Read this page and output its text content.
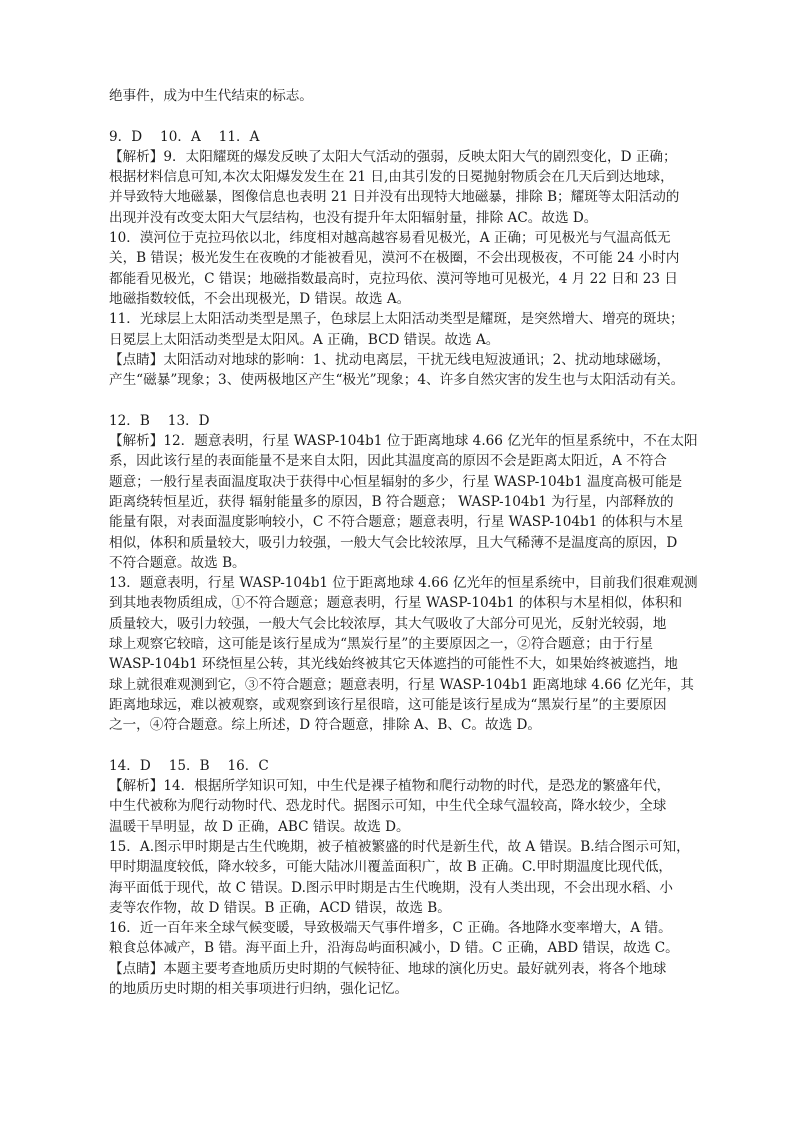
绝事件，成为中生代结束的标志。
9．D　 10．A　 11．A
【解析】9．太阳耀斑的爆发反映了太阳大气活动的强弱，反映太阳大气的剧烈变化，D 正确；
根据材料信息可知,本次太阳爆发发生在 21 日,由其引发的日冕抛射物质会在几天后到达地球，
并导致特大地磁暴，图像信息也表明 21 日并没有出现特大地磁暴，排除 B；耀斑等太阳活动的
出现并没有改变太阳大气层结构，也没有提升年太阳辐射量，排除 AC。故选 D。
10．漠河位于克拉玛依以北，纬度相对越高越容易看见极光，A 正确；可见极光与气温高低无
关，B 错误；极光发生在夜晚的才能被看见，漠河不在极圈，不会出现极夜，不可能 24 小时内
都能看见极光，C 错误；地磁指数最高时，克拉玛依、漠河等地可见极光，4 月 22 日和 23 日
地磁指数较低，不会出现极光，D 错误。故选 A。
11．光球层上太阳活动类型是黑子，色球层上太阳活动类型是耀斑，是突然增大、增亮的斑块；
日冕层上太阳活动类型是太阳风。A 正确，BCD 错误。故选 A。
【点睛】太阳活动对地球的影响：1、扰动电离层，干扰无线电短波通讯；2、扰动地球磁场，
产生“磁暴”现象；3、使两极地区产生“极光”现象；4、许多自然灾害的发生也与太阳活动有关。
12．B　 13．D
【解析】12．题意表明，行星 WASP-104b1 位于距离地球 4.66 亿光年的恒星系统中，不在太阳
系，因此该行星的表面能量不是来自太阳，因此其温度高的原因不会是距离太阳近，A 不符合
题意；一般行星表面温度取决于获得中心恒星辐射的多少，行星 WASP-104b1 温度高极可能是
距离绕转恒星近，获得 辐射能量多的原因，B 符合题意； WASP-104b1 为行星，内部释放的
能量有限，对表面温度影响较小，C 不符合题意；题意表明，行星 WASP-104b1 的体积与木星
相似，体积和质量较大，吸引力较强，一般大气会比较浓厚，且大气稀薄不是温度高的原因，D
不符合题意。故选 B。
13．题意表明，行星 WASP-104b1 位于距离地球 4.66 亿光年的恒星系统中，目前我们很难观测
到其地表物质组成，①不符合题意；题意表明，行星 WASP-104b1 的体积与木星相似，体积和
质量较大，吸引力较强，一般大气会比较浓厚，其大气吸收了大部分可见光，反射光较弱，地
球上观察它较暗，这可能是该行星成为“黑炭行星”的主要原因之一，②符合题意；由于行星
WASP-104b1 环绕恒星公转，其光线始终被其它天体遮挡的可能性不大，如果始终被遮挡，地
球上就很难观测到它，③不符合题意；题意表明，行星 WASP-104b1 距离地球 4.66 亿光年，其
距离地球远，难以被观察，或观察到该行星很暗，这可能是该行星成为“黑炭行星”的主要原因
之一，④符合题意。综上所述，D 符合题意，排除 A、B、C。故选 D。
14．D　 15．B　 16．C
【解析】14．根据所学知识可知，中生代是裸子植物和爬行动物的时代，是恐龙的繁盛年代，
中生代被称为爬行动物时代、恐龙时代。据图示可知，中生代全球气温较高，降水较少，全球
温暖干旱明显，故 D 正确，ABC 错误。故选 D。
15．A.图示甲时期是古生代晚期，被子植被繁盛的时代是新生代，故 A 错误。B.结合图示可知，
甲时期温度较低，降水较多，可能大陆冰川覆盖面积广，故 B 正确。C.甲时期温度比现代低，
海平面低于现代，故 C 错误。D.图示甲时期是古生代晚期，没有人类出现，不会出现水稻、小
麦等农作物，故 D 错误。B 正确，ACD 错误，故选 B。
16．近一百年来全球气候变暖，导致极端天气事件增多，C 正确。各地降水变率增大，A 错。
粮食总体减产，B 错。海平面上升，沿海岛屿面积减小，D 错。C 正确，ABD 错误，故选 C。
【点睛】本题主要考查地质历史时期的气候特征、地球的演化历史。最好就列表，将各个地球
的地质历史时期的相关事项进行归纳，强化记忆。
